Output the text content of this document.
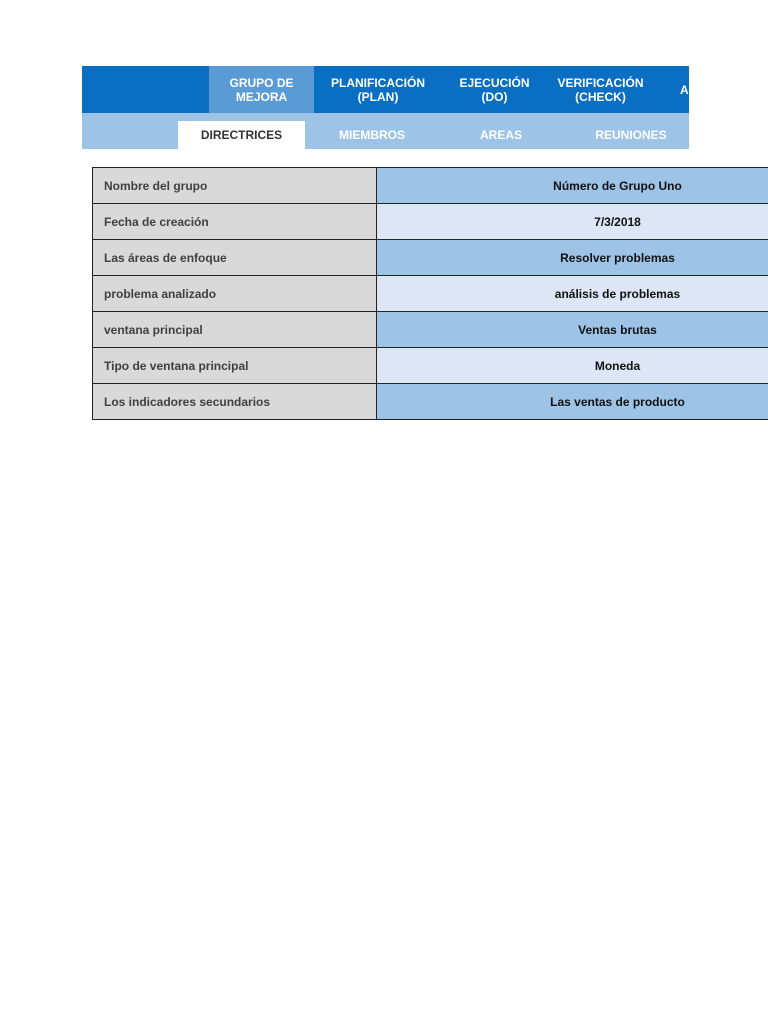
GRUPO DE
MEJORA
PLANIFICACIÓN
(PLAN)
EJECUCIÓN
(DO)
VERIFICACIÓN
(CHECK)	A
DIRECTRICES	MIEMBROS	AREAS	REUNIONES
Nombre del grupo	Número de Grupo Uno
Fecha de creación	7/3/2018
Las áreas de enfoque	Resolver problemas
problema analizado	análisis de problemas
ventana principal	Ventas brutas
Tipo de ventana principal	Moneda
Los indicadores secundarios	Las ventas de producto
